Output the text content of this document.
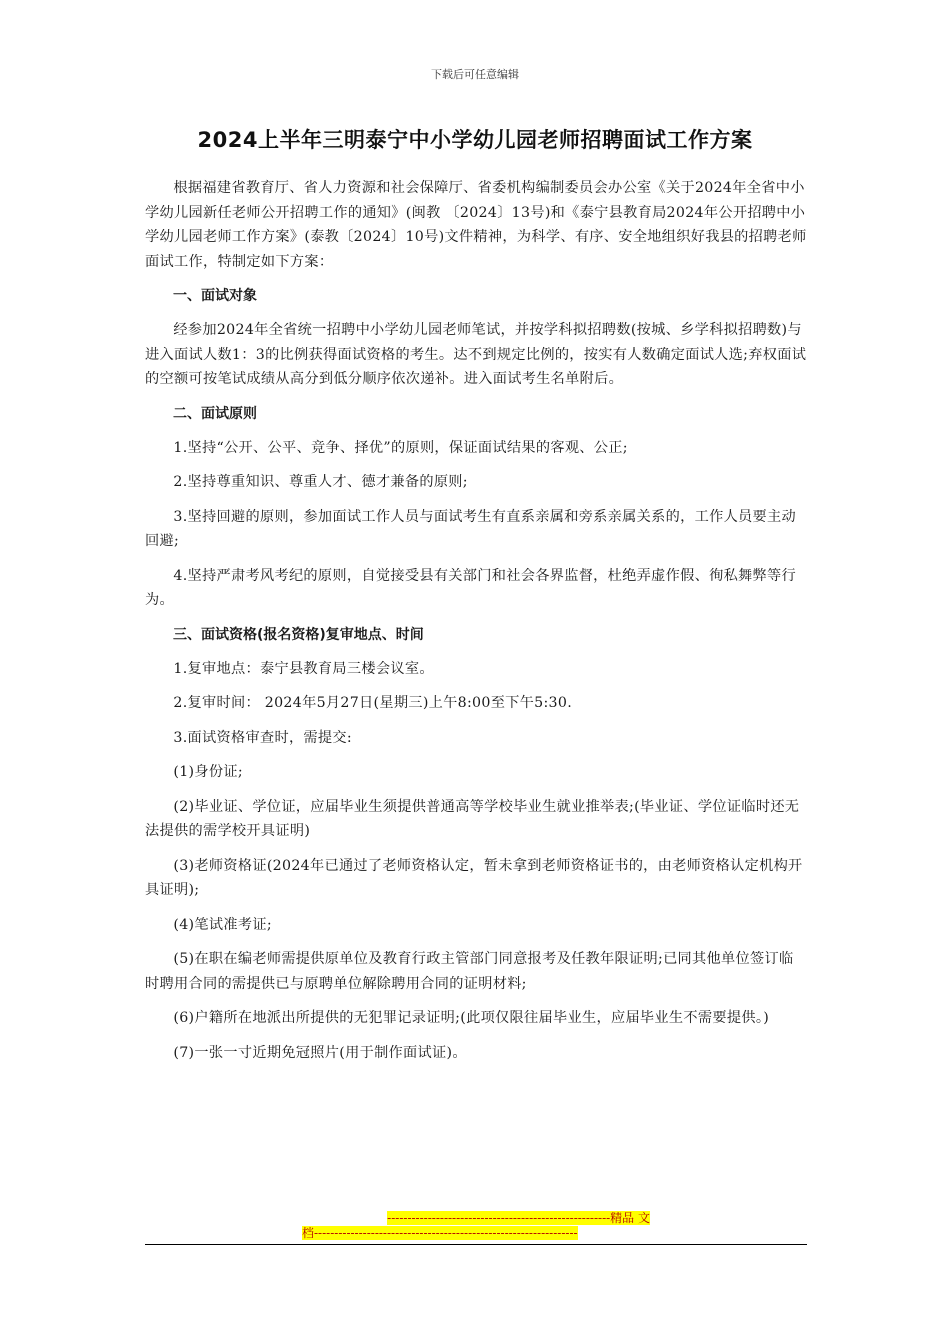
下载后可任意编辑
2024上半年三明泰宁中小学幼儿园老师招聘面试工作方案

根据福建省教育厅、省人力资源和社会保障厅、省委机构编制委员会办公室《关于2024年全省中小学幼儿园新任老师公开招聘工作的通知》(闽教 〔2024〕13号)和《泰宁县教育局2024年公开招聘中小学幼儿园老师工作方案》(泰教〔2024〕10号)文件精神，为科学、有序、安全地组织好我县的招聘老师面试工作，特制定如下方案：

一、面试对象

经参加2024年全省统一招聘中小学幼儿园老师笔试，并按学科拟招聘数(按城、乡学科拟招聘数)与进入面试人数1：3的比例获得面试资格的考生。达不到规定比例的，按实有人数确定面试人选;弃权面试的空额可按笔试成绩从高分到低分顺序依次递补。进入面试考生名单附后。

二、面试原则

1.坚持“公开、公平、竞争、择优”的原则，保证面试结果的客观、公正;

2.坚持尊重知识、尊重人才、德才兼备的原则;

3.坚持回避的原则，参加面试工作人员与面试考生有直系亲属和旁系亲属关系的，工作人员要主动回避;

4.坚持严肃考风考纪的原则，自觉接受县有关部门和社会各界监督，杜绝弄虚作假、徇私舞弊等行为。

三、面试资格(报名资格)复审地点、时间

1.复审地点：泰宁县教育局三楼会议室。

2.复审时间： 2024年5月27日(星期三)上午8:00至下午5:30.

3.面试资格审查时，需提交:

(1)身份证;

(2)毕业证、学位证，应届毕业生须提供普通高等学校毕业生就业推举表;(毕业证、学位证临时还无法提供的需学校开具证明)

(3)老师资格证(2024年已通过了老师资格认定，暂未拿到老师资格证书的，由老师资格认定机构开具证明);

(4)笔试准考证;

(5)在职在编老师需提供原单位及教育行政主管部门同意报考及任教年限证明;已同其他单位签订临时聘用合同的需提供已与原聘单位解除聘用合同的证明材料;

(6)户籍所在地派出所提供的无犯罪记录证明;(此项仅限往届毕业生，应届毕业生不需要提供。)

(7)一张一寸近期免冠照片(用于制作面试证)。

-------------------------------------------------------精品 文
档-----------------------------------------------------------------
